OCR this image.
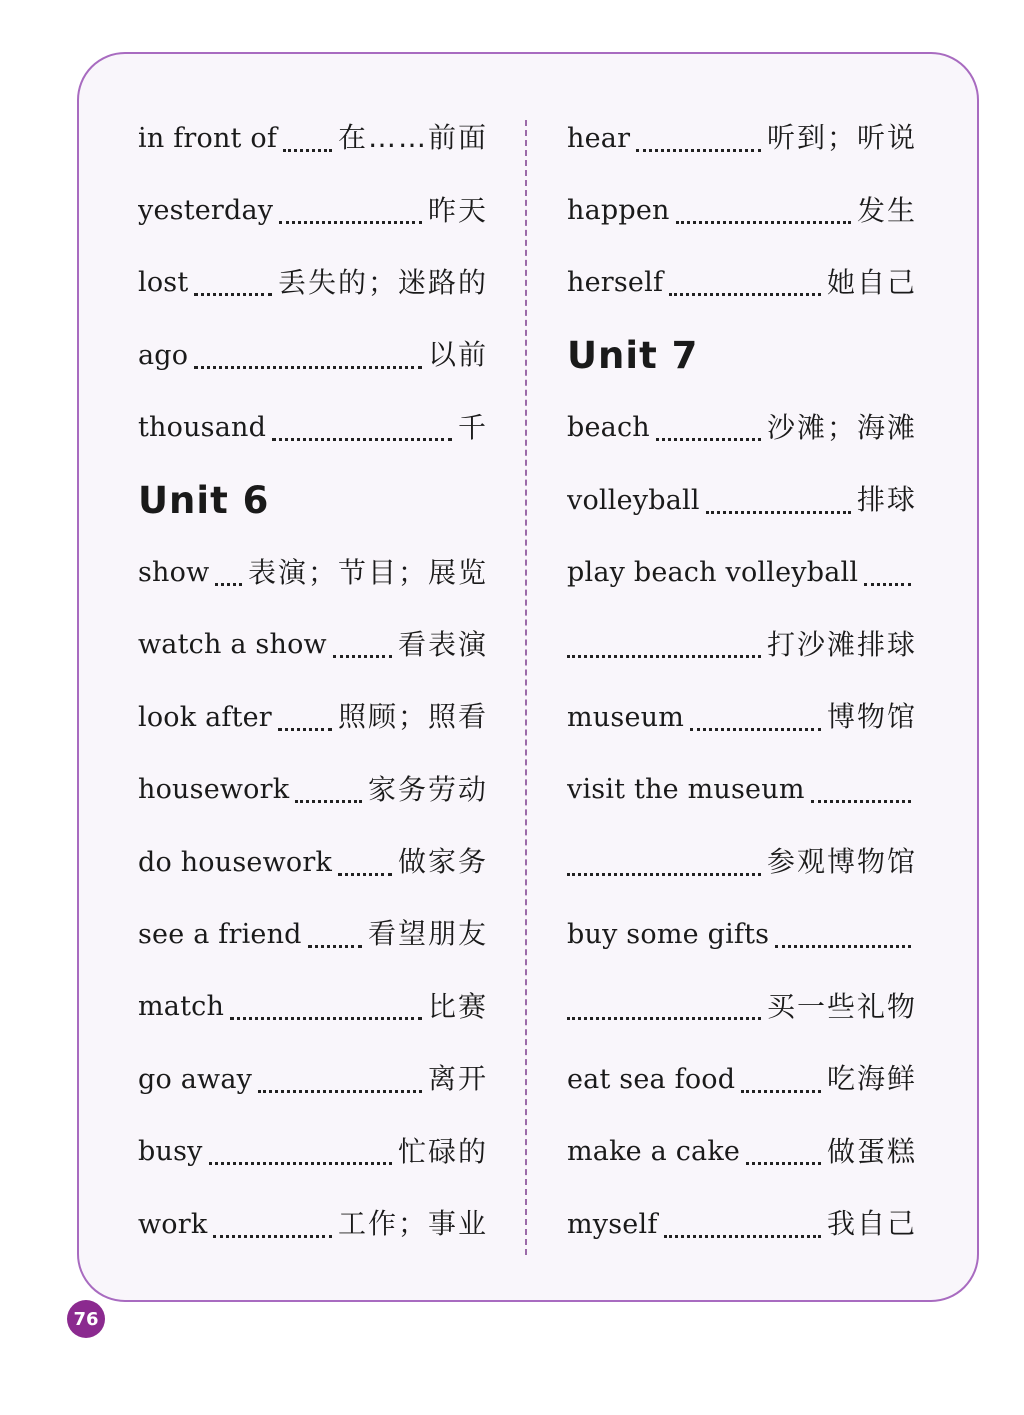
in front of 在……前面
yesterday	昨天
lost	丢失的；迷路的
ago	以前
thousand	千
Unit 6
show 表演；节目；展览
watch a show	看表演
look after 照顾；照看
housework	家务劳动
do housework 做家务
see a friend 看望朋友
match	比赛
go away	离开
busy	忙碌的
work	工作；事业
hear	听到；听说
happen	发生
herself	她自己
Unit 7
beach	沙滩；海滩
volleyball	排球
play beach volleyball
打沙滩排球
museum	博物馆
visit the museum
参观博物馆
buy some gifts
买一些礼物
eat sea food	吃海鲜
make a cake	做蛋糕
myself	我自己
76
